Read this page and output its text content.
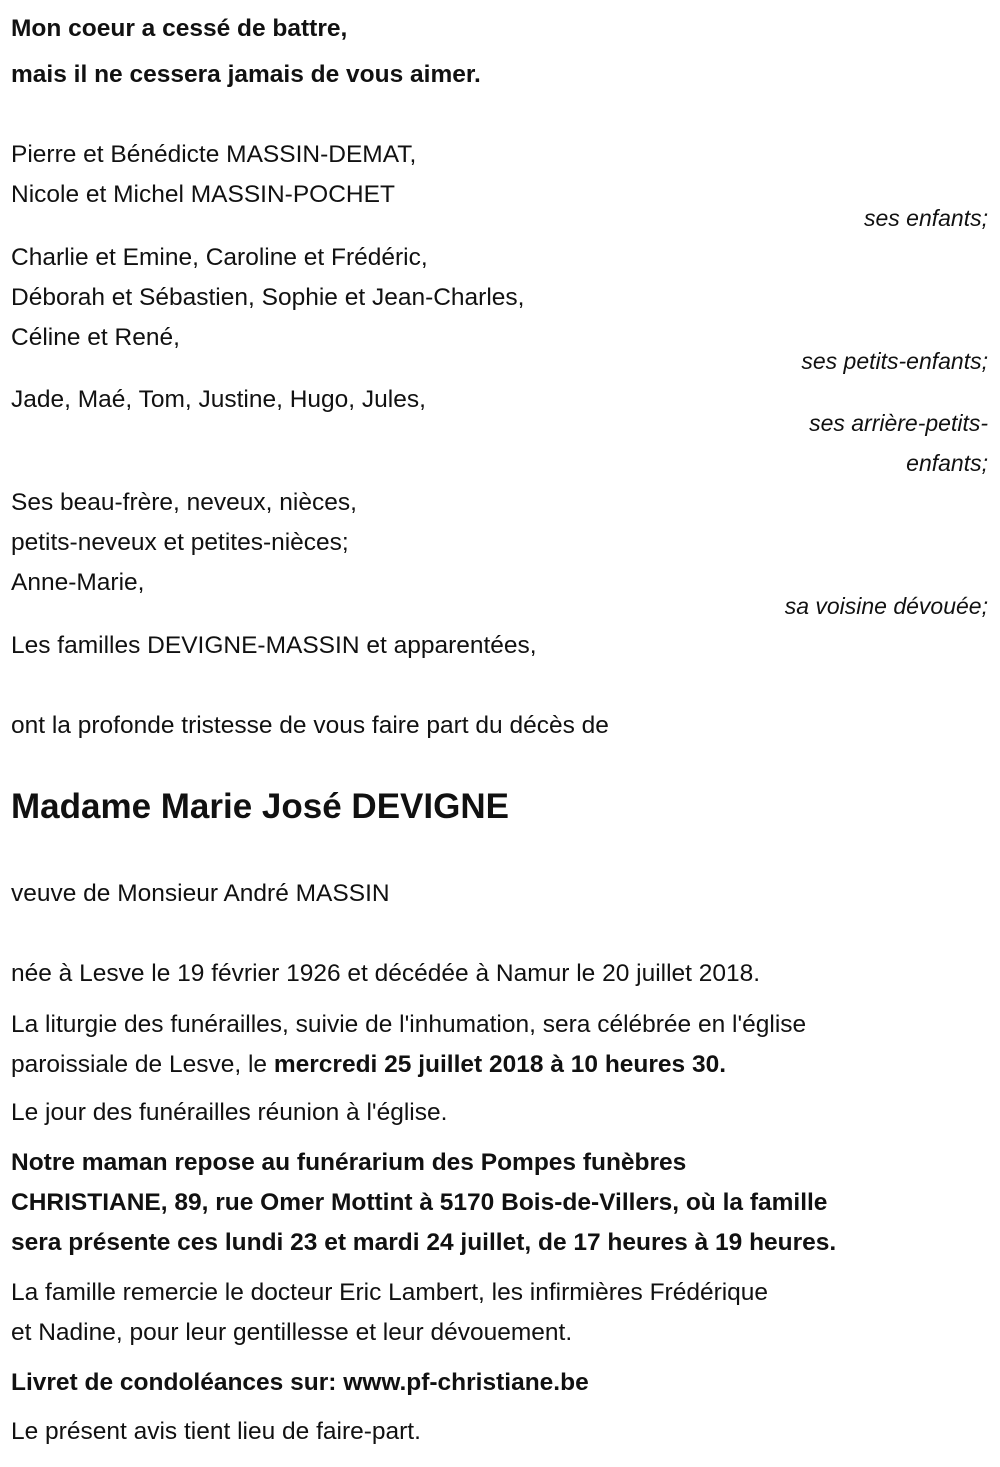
Mon coeur a cessé de battre,
mais il ne cessera jamais de vous aimer.
Pierre et Bénédicte MASSIN-DEMAT,
Nicole et Michel MASSIN-POCHET
ses enfants;
Charlie et Emine, Caroline et Frédéric,
Déborah et Sébastien, Sophie et Jean-Charles,
Céline et René,
ses petits-enfants;
Jade, Maé, Tom, Justine, Hugo, Jules,
ses arrière-petits-
enfants;
Ses beau-frère, neveux, nièces,
petits-neveux et petites-nièces;
Anne-Marie,
sa voisine dévouée;
Les familles DEVIGNE-MASSIN et apparentées,
ont la profonde tristesse de vous faire part du décès de
Madame Marie José DEVIGNE
veuve de Monsieur André MASSIN
née à Lesve le 19 février 1926 et décédée à Namur le 20 juillet 2018.
La liturgie des funérailles, suivie de l'inhumation, sera célébrée en l'église
paroissiale de Lesve, le mercredi 25 juillet 2018 à 10 heures 30.
Le jour des funérailles réunion à l'église.
Notre maman repose au funérarium des Pompes funèbres
CHRISTIANE, 89, rue Omer Mottint à 5170 Bois-de-Villers, où la famille
sera présente ces lundi 23 et mardi 24 juillet, de 17 heures à 19 heures.
La famille remercie le docteur Eric Lambert, les infirmières Frédérique
et Nadine, pour leur gentillesse et leur dévouement.
Livret de condoléances sur: www.pf-christiane.be
Le présent avis tient lieu de faire-part.
